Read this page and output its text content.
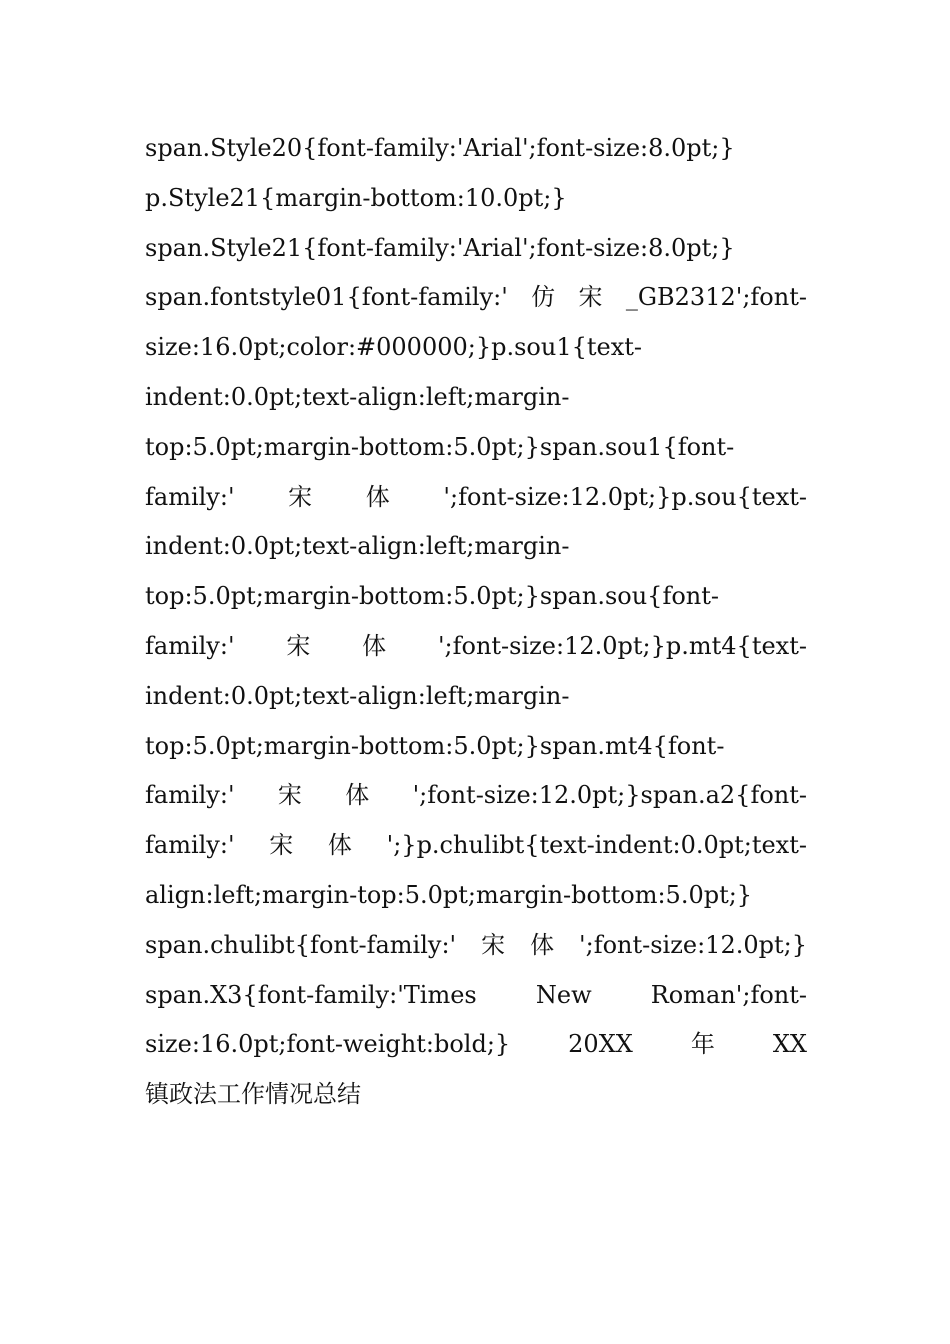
span.Style20{font-family:'Arial';font-size:8.0pt;}
p.Style21{margin-bottom:10.0pt;}
span.Style21{font-family:'Arial';font-size:8.0pt;}
span.fontstyle01{font-family:' 仿 宋 _GB2312';font-
size:16.0pt;color:#000000;}p.sou1{text-
indent:0.0pt;text-align:left;margin-
top:5.0pt;margin-bottom:5.0pt;}span.sou1{font-
family:' 宋 体 ';font-size:12.0pt;}p.sou{text-
indent:0.0pt;text-align:left;margin-
top:5.0pt;margin-bottom:5.0pt;}span.sou{font-
family:' 宋 体 ';font-size:12.0pt;}p.mt4{text-
indent:0.0pt;text-align:left;margin-
top:5.0pt;margin-bottom:5.0pt;}span.mt4{font-
family:' 宋 体 ';font-size:12.0pt;}span.a2{font-
family:' 宋 体 ';}p.chulibt{text-indent:0.0pt;text-
align:left;margin-top:5.0pt;margin-bottom:5.0pt;}
span.chulibt{font-family:' 宋 体 ';font-size:12.0pt;}
span.X3{font-family:'Times New Roman';font-
size:16.0pt;font-weight:bold;} 20XX 年 XX
镇政法工作情况总结
